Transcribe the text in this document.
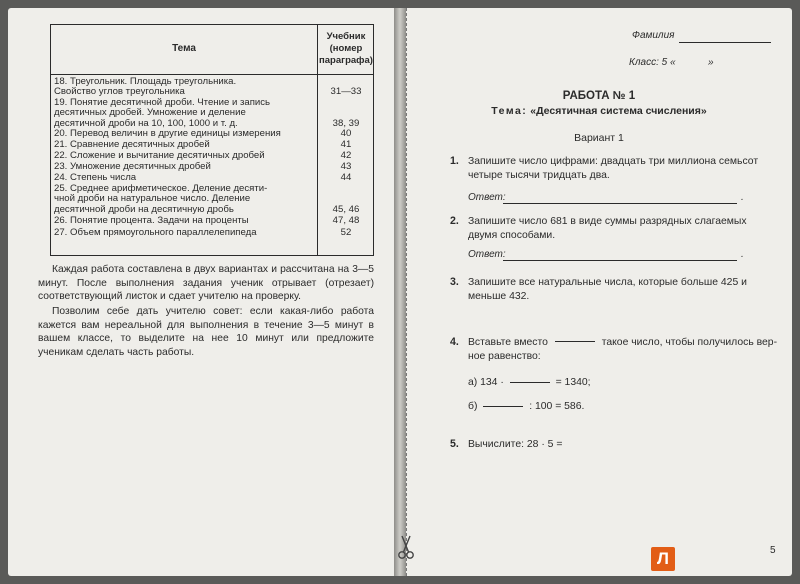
Тема
Учебник
(номер
параграфа)
18. Треугольник. Площадь треугольника.
Свойство углов треугольника	31—33
19. Понятие десятичной дроби. Чтение и запись
десятичных дробей. Умножение и деление
десятичной дроби на 10, 100, 1000 и т. д.	38, 39
20. Перевод величин в другие единицы измерения	40
21. Сравнение десятичных дробей	41
22. Сложение и вычитание десятичных дробей	42
23. Умножение десятичных дробей	43
24. Степень числа	44
25. Среднее арифметическое. Деление десяти-
чной дроби на натуральное число. Деление
десятичной дроби на десятичную дробь	45, 46
26. Понятие процента. Задачи на проценты	47, 48
27. Объем прямоугольного параллелепипеда	52
Каждая работа составлена в двух вариантах и рассчитана на 3—5 минут. После выполнения задания ученик отрывает (отрезает) соответствующий листок и сдает учителю на проверку.
Позволим себе дать учителю совет: если какая-либо работа кажется вам нереальной для выполнения в течение 3—5 минут в вашем классе, то выделите на нее 10 минут или предложите ученикам сделать часть работы.
Фамилия
Класс: 5 «	»
РАБОТА № 1
Тема: «Десятичная система счисления»
Вариант 1
1. Запишите число цифрами: двадцать три миллиона семьсот
четыре тысячи тридцать два.
Ответ:	.
2. Запишите число 681 в виде суммы разрядных слагаемых
двумя способами.
Ответ:	.
3. Запишите все натуральные числа, которые больше 425 и
меньше 432.
4. Вставьте вместо	такое число, чтобы получилось вер-
ное равенство:
а) 134 ·	= 1340;
б)	: 100 = 586.
5. Вычислите: 28 · 5 =
5
Л
